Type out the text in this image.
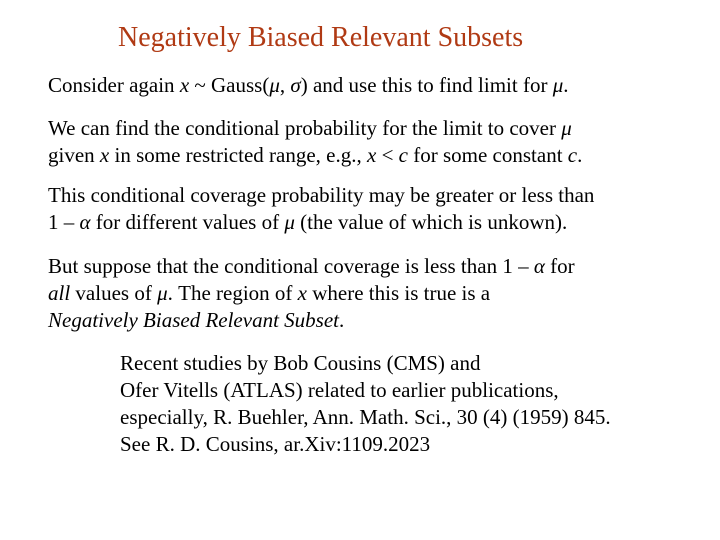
Negatively Biased Relevant Subsets
Consider again x ~ Gauss(μ, σ) and use this to find limit for μ.
We can find the conditional probability for the limit to cover μ
given x in some restricted range, e.g., x < c for some constant c.
This conditional coverage probability may be greater or less than
1 – α for different values of μ (the value of which is unkown).
But suppose that the conditional coverage is less than 1 – α for
all values of μ. The region of x where this is true is a
Negatively Biased Relevant Subset.
Recent studies by Bob Cousins (CMS) and
Ofer Vitells (ATLAS) related to earlier publications,
especially, R. Buehler, Ann. Math. Sci., 30 (4) (1959) 845.
See R. D. Cousins, ar.Xiv:1109.2023
